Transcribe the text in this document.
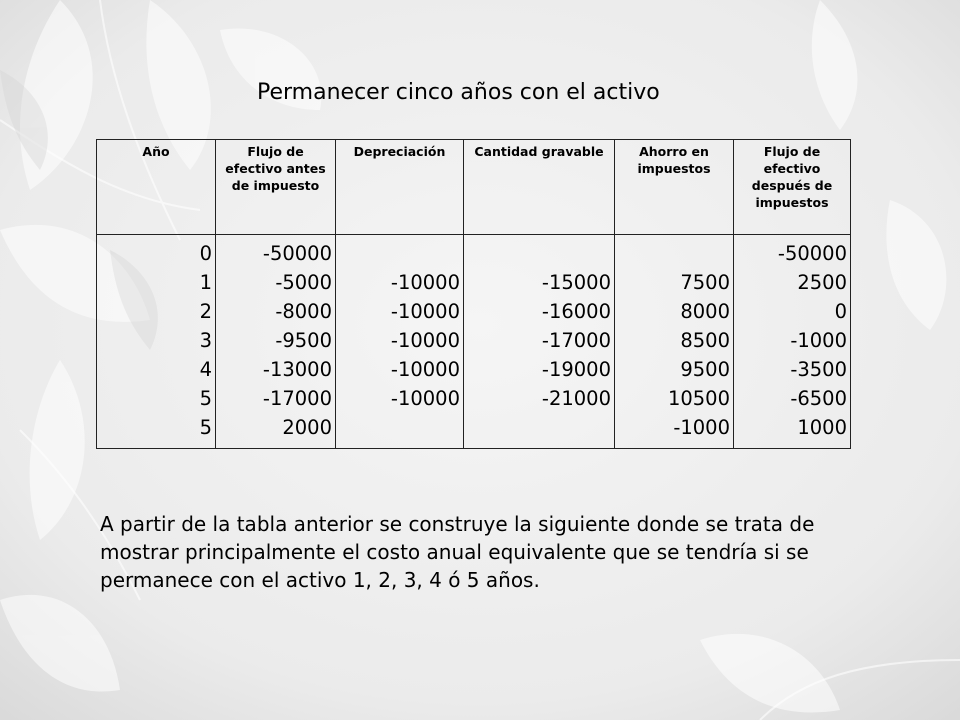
Permanecer cinco años con el activo
Año	Flujo de efectivo antes de impuesto	Depreciación	Cantidad gravable	Ahorro en impuestos	Flujo de efectivo después de impuestos
0	-50000				-50000
1	-5000	-10000	-15000	7500	2500
2	-8000	-10000	-16000	8000	0
3	-9500	-10000	-17000	8500	-1000
4	-13000	-10000	-19000	9500	-3500
5	-17000	-10000	-21000	10500	-6500
5	2000			-1000	1000
A partir de la tabla anterior se construye la siguiente donde se trata de mostrar principalmente el costo anual equivalente que se tendría si se permanece con el activo 1, 2, 3, 4 ó 5 años.
